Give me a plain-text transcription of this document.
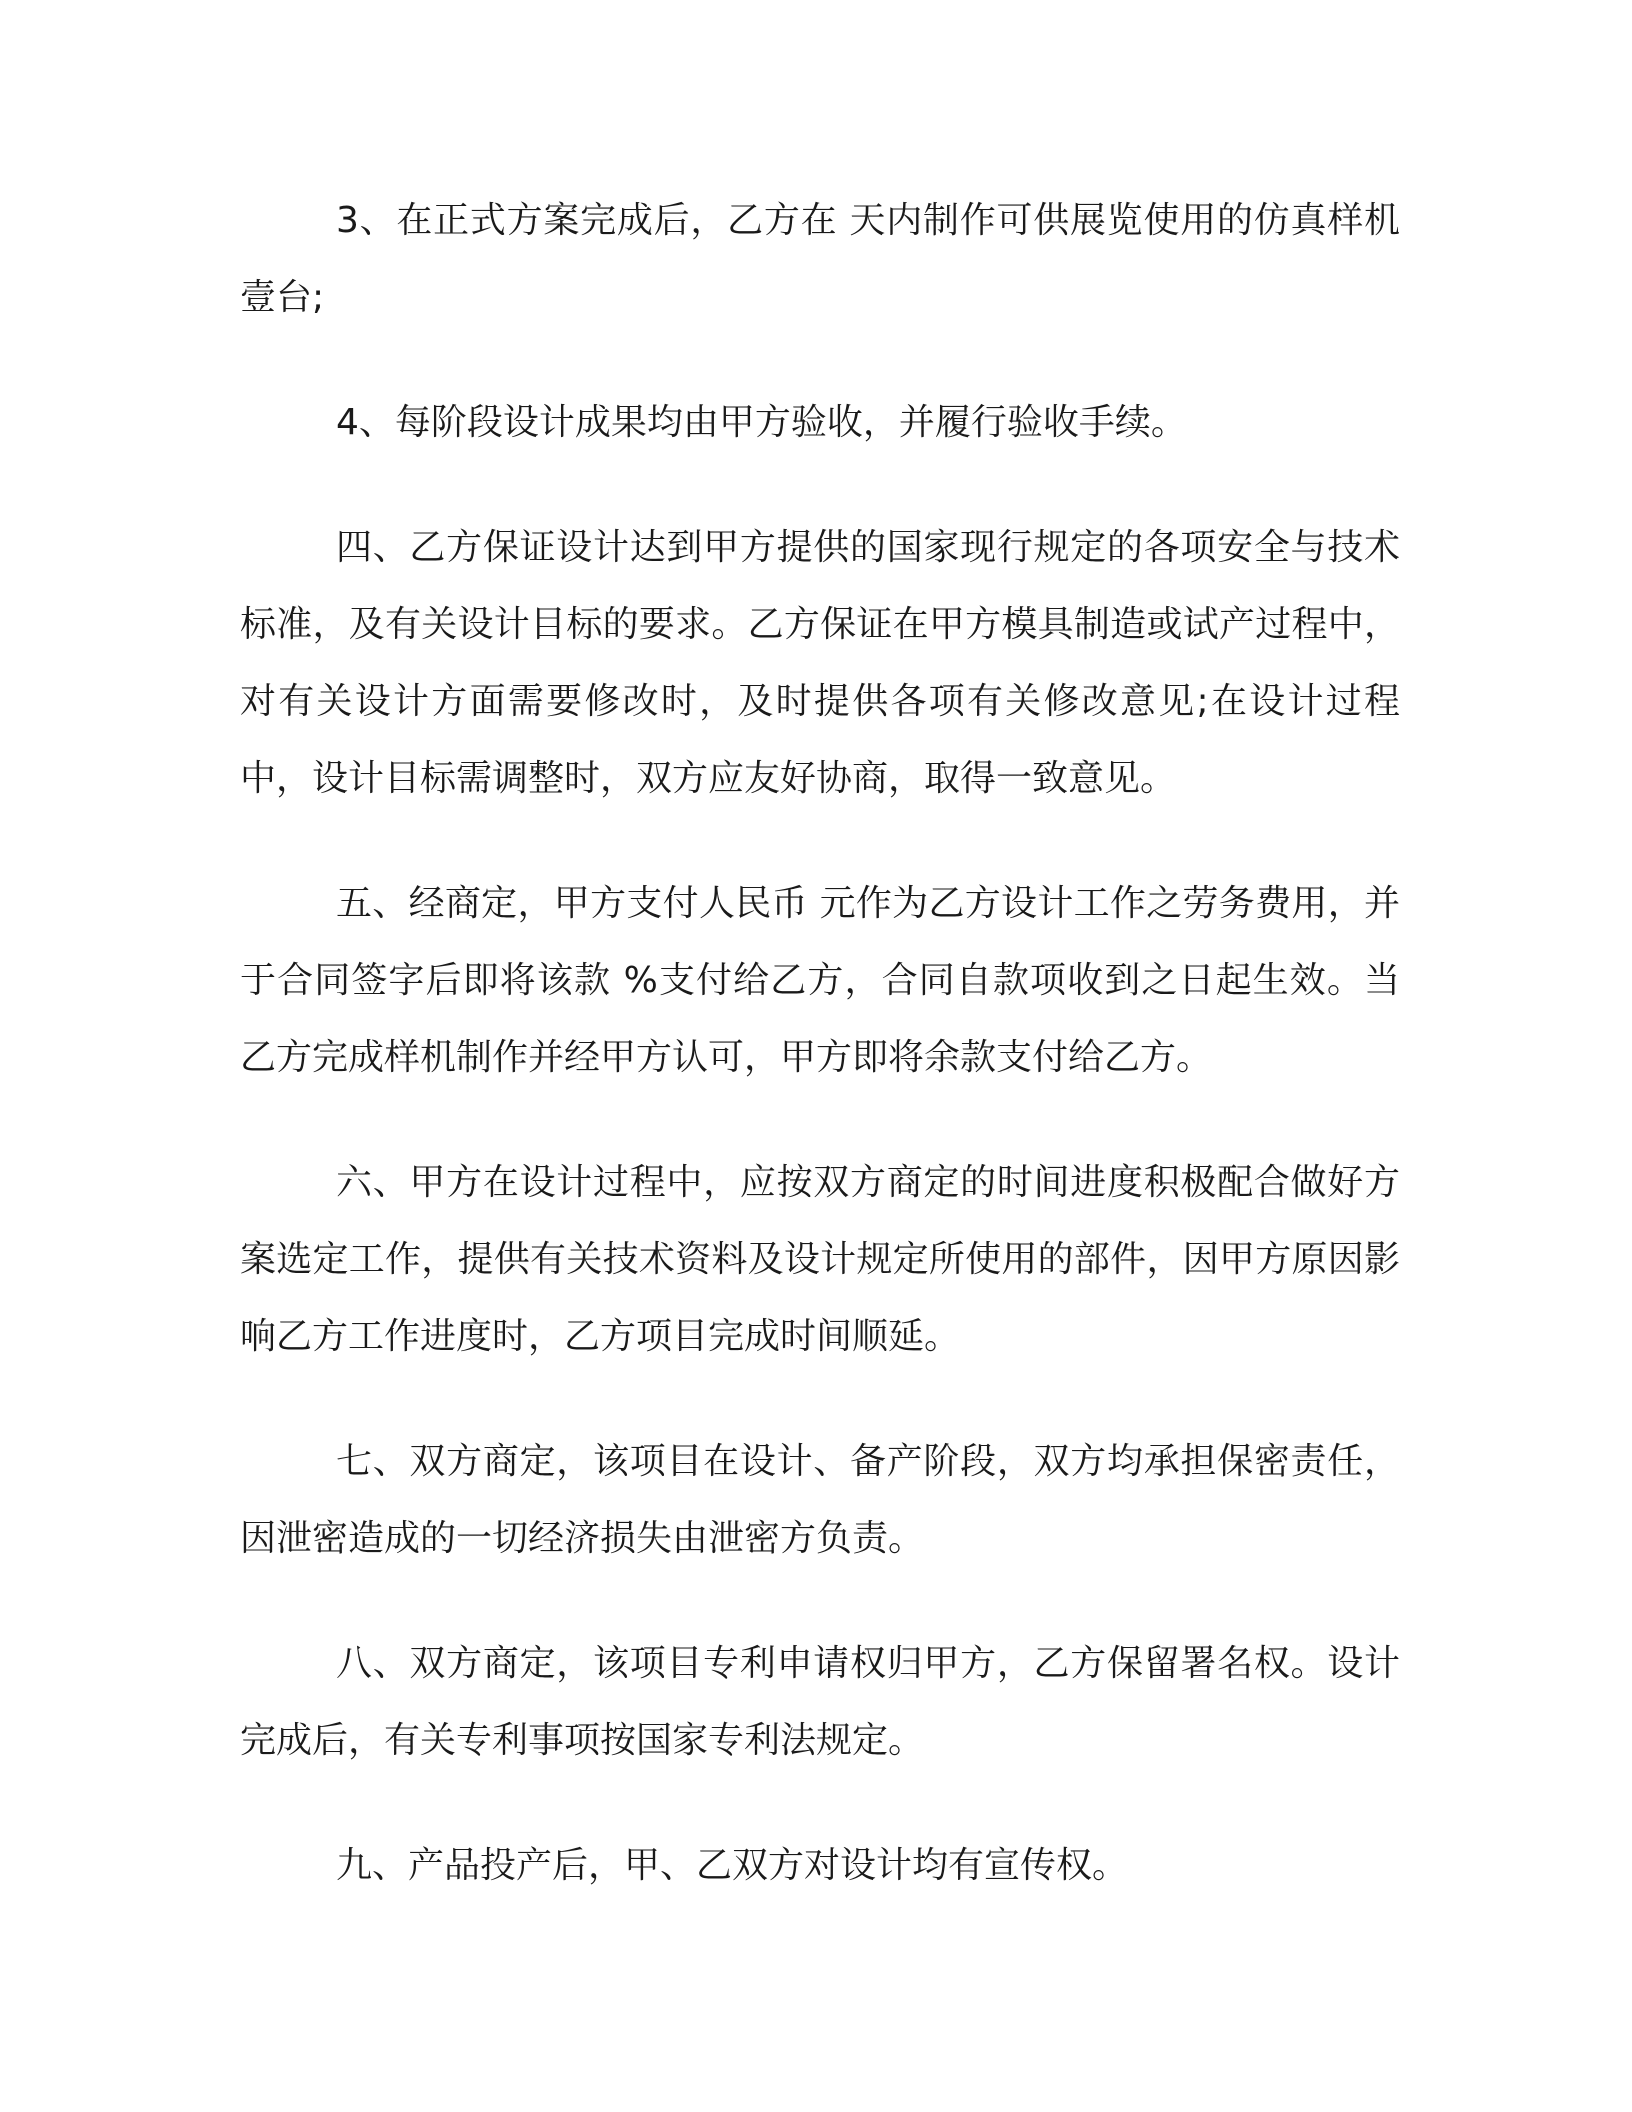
3、在正式方案完成后，乙方在 天内制作可供展览使用的仿真样机壹台;

4、每阶段设计成果均由甲方验收，并履行验收手续。

四、乙方保证设计达到甲方提供的国家现行规定的各项安全与技术标准，及有关设计目标的要求。乙方保证在甲方模具制造或试产过程中，对有关设计方面需要修改时，及时提供各项有关修改意见;在设计过程中，设计目标需调整时，双方应友好协商，取得一致意见。

五、经商定，甲方支付人民币 元作为乙方设计工作之劳务费用，并于合同签字后即将该款 %支付给乙方，合同自款项收到之日起生效。当乙方完成样机制作并经甲方认可，甲方即将余款支付给乙方。

六、甲方在设计过程中，应按双方商定的时间进度积极配合做好方案选定工作，提供有关技术资料及设计规定所使用的部件，因甲方原因影响乙方工作进度时，乙方项目完成时间顺延。

七、双方商定，该项目在设计、备产阶段，双方均承担保密责任，因泄密造成的一切经济损失由泄密方负责。

八、双方商定，该项目专利申请权归甲方，乙方保留署名权。设计完成后，有关专利事项按国家专利法规定。

九、产品投产后，甲、乙双方对设计均有宣传权。
